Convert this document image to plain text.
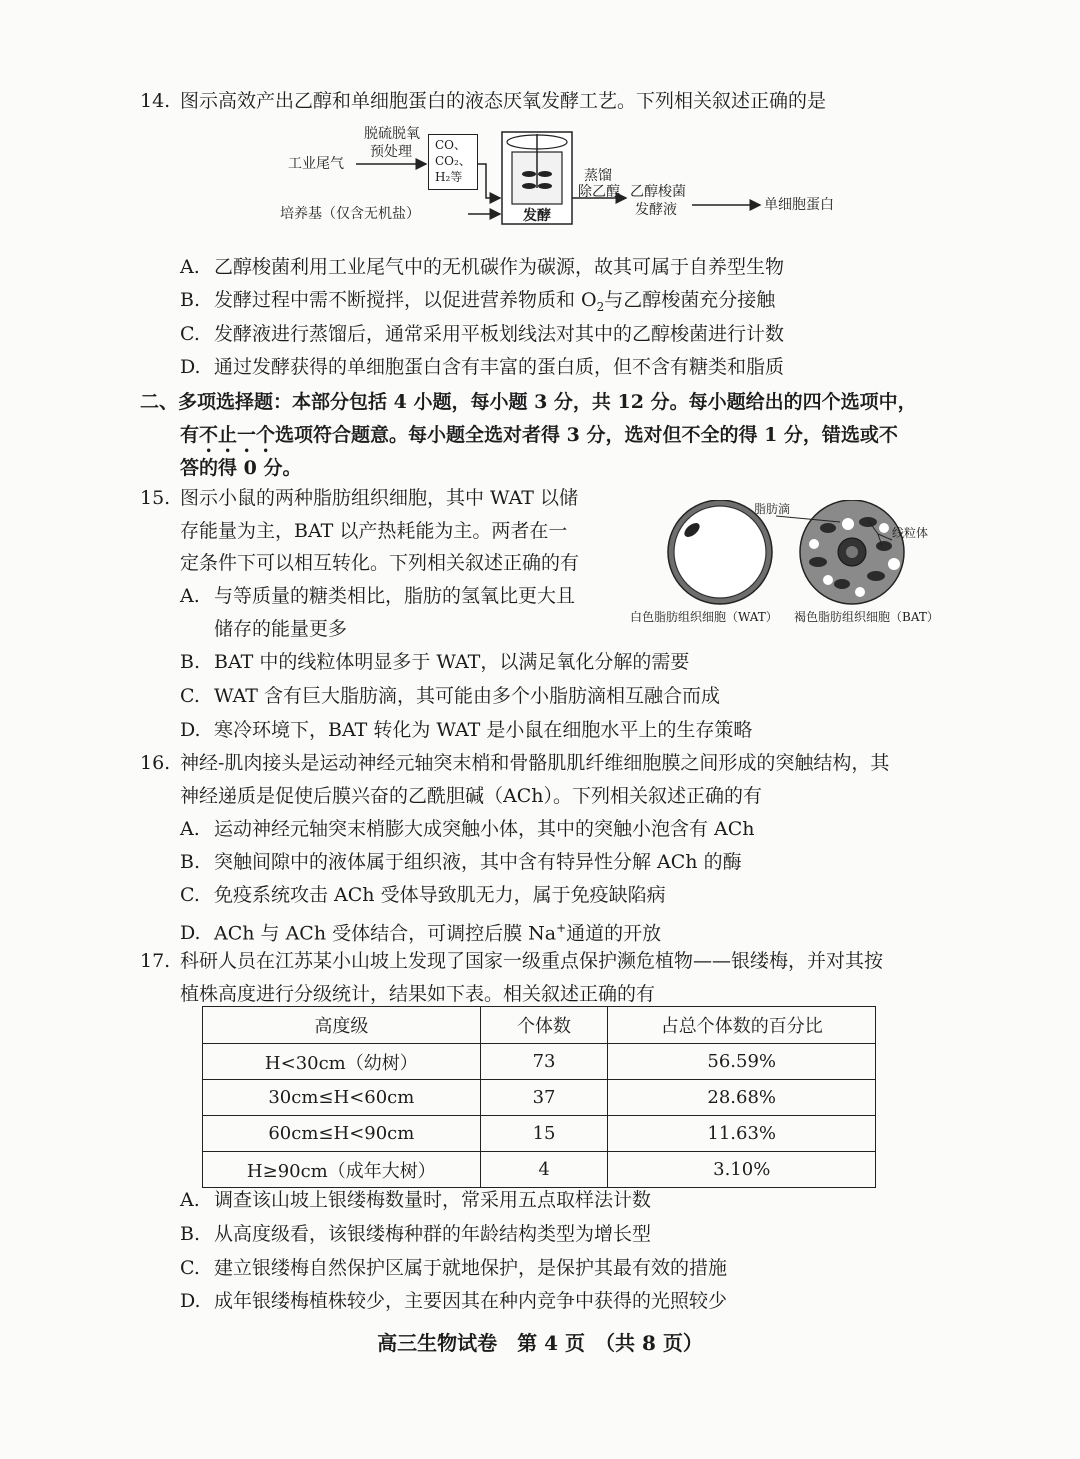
14. 图示高效产出乙醇和单细胞蛋白的液态厌氧发酵工艺。下列相关叙述正确的是
工业尾气
脱硫脱氧
预处理 CO、
CO₂、
H₂等
培养基（仅含无机盐）	发酵
蒸馏
除乙醇 乙醇梭菌
发酵液	单细胞蛋白
A. 乙醇梭菌利用工业尾气中的无机碳作为碳源，故其可属于自养型生物
B. 发酵过程中需不断搅拌，以促进营养物质和 $O_2$与乙醇梭菌充分接触
C. 发酵液进行蒸馏后，通常采用平板划线法对其中的乙醇梭菌进行计数
D. 通过发酵获得的单细胞蛋白含有丰富的蛋白质，但不含有糖类和脂质
二、多项选择题：本部分包括 4 小题，每小题 3 分，共 12 分。每小题给出的四个选项中，
有不止一个选项符合题意。每小题全选对者得 3 分，选对但不全的得 1 分，错选或不
答的得 0 分。
15. 图示小鼠的两种脂肪组织细胞，其中 WAT 以储
存能量为主，BAT 以产热耗能为主。两者在一
定条件下可以相互转化。下列相关叙述正确的有
脂肪滴
线粒体
白色脂肪组织细胞（WAT） 褐色脂肪组织细胞（BAT）
A. 与等质量的糖类相比，脂肪的氢氧比更大且
储存的能量更多
B. BAT 中的线粒体明显多于 WAT，以满足氧化分解的需要
C. WAT 含有巨大脂肪滴，其可能由多个小脂肪滴相互融合而成
D. 寒冷环境下，BAT 转化为 WAT 是小鼠在细胞水平上的生存策略
16. 神经-肌肉接头是运动神经元轴突末梢和骨骼肌肌纤维细胞膜之间形成的突触结构，其
神经递质是促使后膜兴奋的乙酰胆碱（ACh）。下列相关叙述正确的有
A. 运动神经元轴突末梢膨大成突触小体，其中的突触小泡含有 ACh
B. 突触间隙中的液体属于组织液，其中含有特异性分解 ACh 的酶
C. 免疫系统攻击 ACh 受体导致肌无力，属于免疫缺陷病
D. ACh 与 ACh 受体结合，可调控后膜 Na+通道的开放
17. 科研人员在江苏某小山坡上发现了国家一级重点保护濒危植物——银缕梅，并对其按
植株高度进行分级统计，结果如下表。相关叙述正确的有
高度级	个体数	占总个体数的百分比
H<30cm（幼树）	73	56.59%
30cm≤H<60cm	37	28.68%
60cm≤H<90cm	15	11.63%
H≥90cm（成年大树）	4	3.10%
A. 调查该山坡上银缕梅数量时，常采用五点取样法计数
B. 从高度级看，该银缕梅种群的年龄结构类型为增长型
C. 建立银缕梅自然保护区属于就地保护，是保护其最有效的措施
D. 成年银缕梅植株较少，主要因其在种内竞争中获得的光照较少
高三生物试卷　第 4 页　（共 8 页）
